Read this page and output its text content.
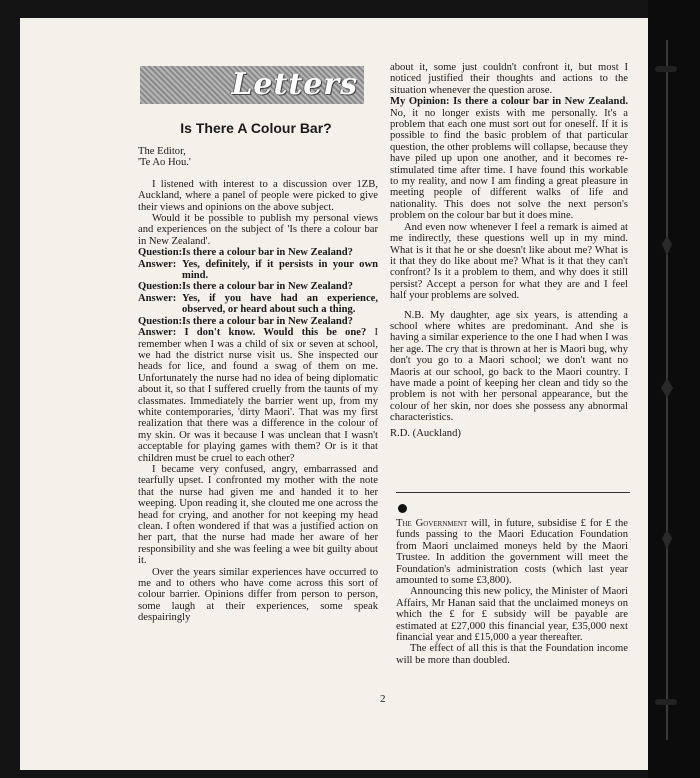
Letters
Is There A Colour Bar?

The Editor,

'Te Ao Hou.'

I listened with interest to a discussion over 1ZB, Auckland, where a panel of people were picked to give their views and opinions on the above subject.

Would it be possible to publish my personal views and experiences on the subject of 'Is there a colour bar in New Zealand'.

Question:Is there a colour bar in New Zealand?

Answer: Yes, definitely, if it persists in your own mind.

Question:Is there a colour bar in New Zealand?

Answer: Yes, if you have had an experience, observed, or heard about such a thing.

Question:Is there a colour bar in New Zealand?

Answer: I don't know. Would this be one? I remember when I was a child of six or seven at school, we had the district nurse visit us. She inspected our heads for lice, and found a swag of them on me. Unfortunately the nurse had no idea of being diplomatic about it, so that I suffered cruelly from the taunts of my classmates. Immediately the barrier went up, from my white contemporaries, 'dirty Maori'. That was my first realization that there was a difference in the colour of my skin. Or was it because I was unclean that I wasn't acceptable for playing games with them? Or is it that children must be cruel to each other?

I became very confused, angry, embarrassed and tearfully upset. I confronted my mother with the note that the nurse had given me and handed it to her weeping. Upon reading it, she clouted me one across the head for crying, and another for not keeping my head clean. I often wondered if that was a justified action on her part, that the nurse had made her aware of her responsibility and she was feeling a wee bit guilty about it.

Over the years similar experiences have occurred to me and to others who have come across this sort of colour barrier. Opinions differ from person to person, some laugh at their experiences, some speak despairingly

about it, some just couldn't confront it, but most I noticed justified their thoughts and actions to the situation whenever the question arose.

My Opinion: Is there a colour bar in New Zealand. No, it no longer exists with me personally. It's a problem that each one must sort out for oneself. If it is possible to find the basic problem of that particular question, the other problems will collapse, because they have piled up upon one another, and it becomes re-stimulated time after time. I have found this workable to my reality, and now I am finding a great pleasure in meeting people of different walks of life and nationality. This does not solve the next person's problem on the colour bar but it does mine.

And even now whenever I feel a remark is aimed at me indirectly, these questions well up in my mind. What is it that he or she doesn't like about me? What is it that they do like about me? What is it that they can't confront? Is it a problem to them, and why does it still persist? Accept a person for what they are and I feel half your problems are solved.

N.B. My daughter, age six years, is attending a school where whites are predominant. And she is having a similar experience to the one I had when I was her age. The cry that is thrown at her is Maori bug, why don't you go to a Maori school; we don't want no Maoris at our school, go back to the Maori country. I have made a point of keeping her clean and tidy so the problem is not with her personal appearance, but the colour of her skin, nor does she possess any abnormal characteristics.

R.D. (Auckland)

The Government will, in future, subsidise £ for £ the funds passing to the Maori Education Foundation from Maori unclaimed moneys held by the Maori Trustee. In addition the government will meet the Foundation's administration costs (which last year amounted to some £3,800).

Announcing this new policy, the Minister of Maori Affairs, Mr Hanan said that the unclaimed moneys on which the £ for £ subsidy will be payable are estimated at £27,000 this financial year, £35,000 next financial year and £15,000 a year thereafter.

The effect of all this is that the Foundation income will be more than doubled.

2
